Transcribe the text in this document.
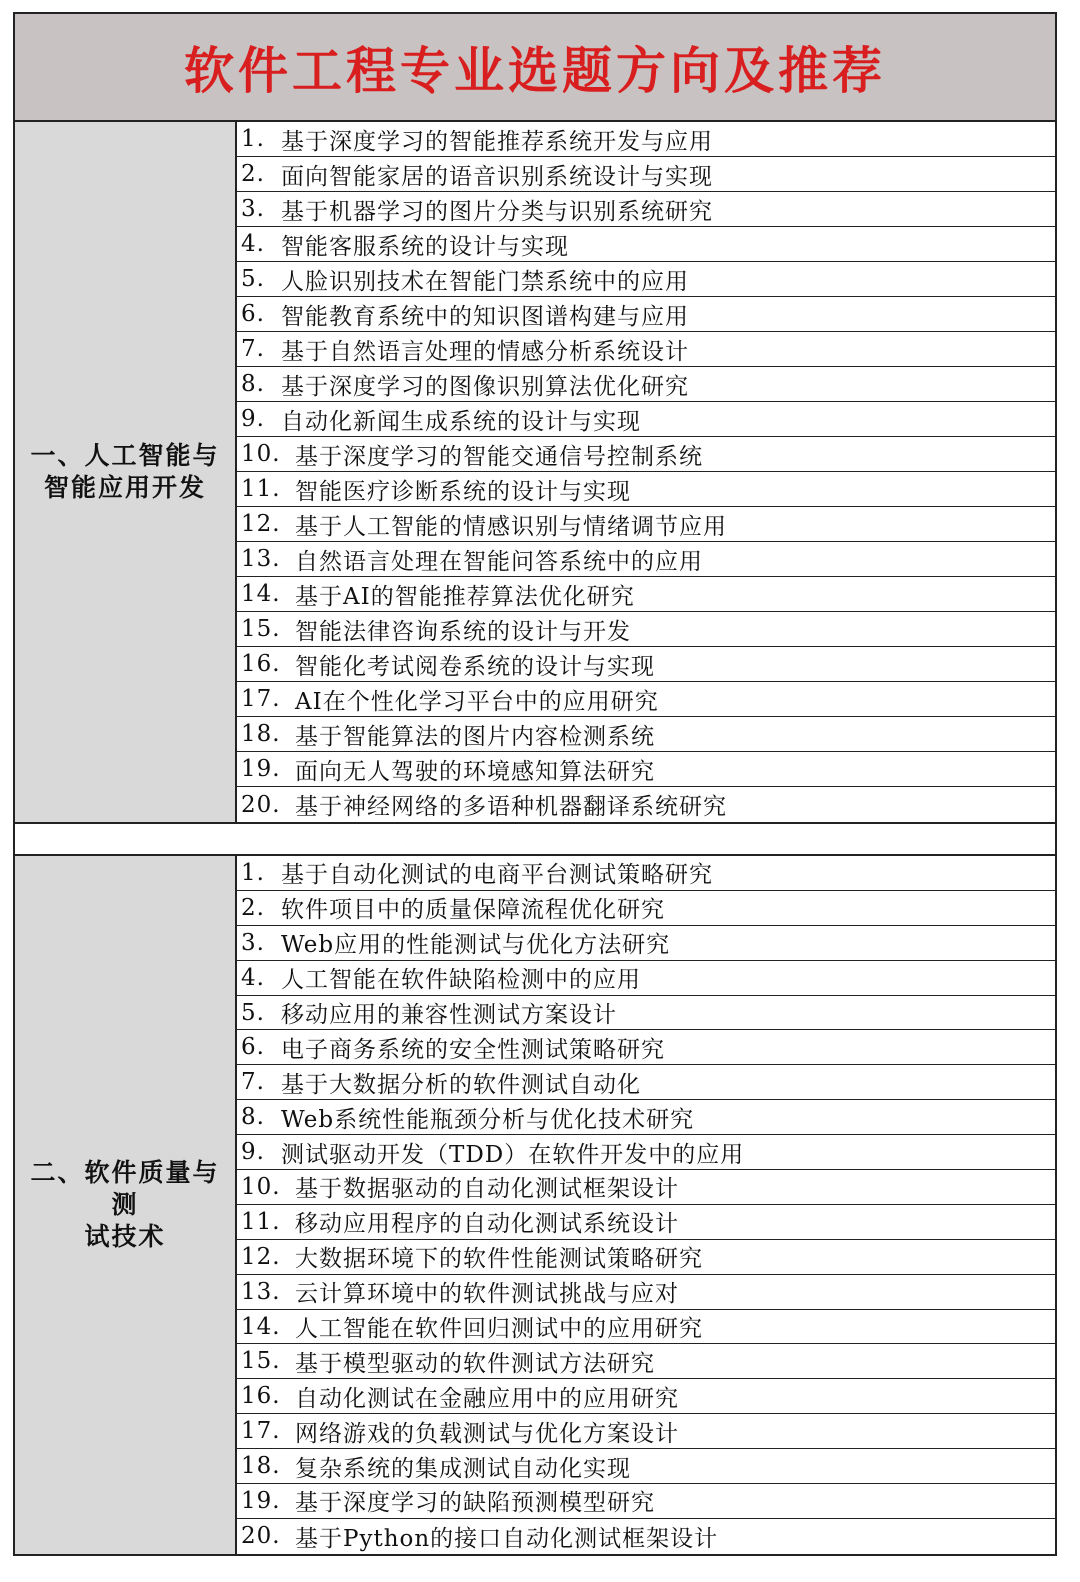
软件工程专业选题方向及推荐
一、人工智能与
智能应用开发
1. 基于深度学习的智能推荐系统开发与应用
2. 面向智能家居的语音识别系统设计与实现
3. 基于机器学习的图片分类与识别系统研究
4. 智能客服系统的设计与实现
5. 人脸识别技术在智能门禁系统中的应用
6. 智能教育系统中的知识图谱构建与应用
7. 基于自然语言处理的情感分析系统设计
8. 基于深度学习的图像识别算法优化研究
9. 自动化新闻生成系统的设计与实现
10. 基于深度学习的智能交通信号控制系统
11. 智能医疗诊断系统的设计与实现
12. 基于人工智能的情感识别与情绪调节应用
13. 自然语言处理在智能问答系统中的应用
14. 基于AI的智能推荐算法优化研究
15. 智能法律咨询系统的设计与开发
16. 智能化考试阅卷系统的设计与实现
17. AI在个性化学习平台中的应用研究
18. 基于智能算法的图片内容检测系统
19. 面向无人驾驶的环境感知算法研究
20. 基于神经网络的多语种机器翻译系统研究
二、软件质量与测
试技术
1. 基于自动化测试的电商平台测试策略研究
2. 软件项目中的质量保障流程优化研究
3. Web应用的性能测试与优化方法研究
4. 人工智能在软件缺陷检测中的应用
5. 移动应用的兼容性测试方案设计
6. 电子商务系统的安全性测试策略研究
7. 基于大数据分析的软件测试自动化
8. Web系统性能瓶颈分析与优化技术研究
9. 测试驱动开发（TDD）在软件开发中的应用
10. 基于数据驱动的自动化测试框架设计
11. 移动应用程序的自动化测试系统设计
12. 大数据环境下的软件性能测试策略研究
13. 云计算环境中的软件测试挑战与应对
14. 人工智能在软件回归测试中的应用研究
15. 基于模型驱动的软件测试方法研究
16. 自动化测试在金融应用中的应用研究
17. 网络游戏的负载测试与优化方案设计
18. 复杂系统的集成测试自动化实现
19. 基于深度学习的缺陷预测模型研究
20. 基于Python的接口自动化测试框架设计
